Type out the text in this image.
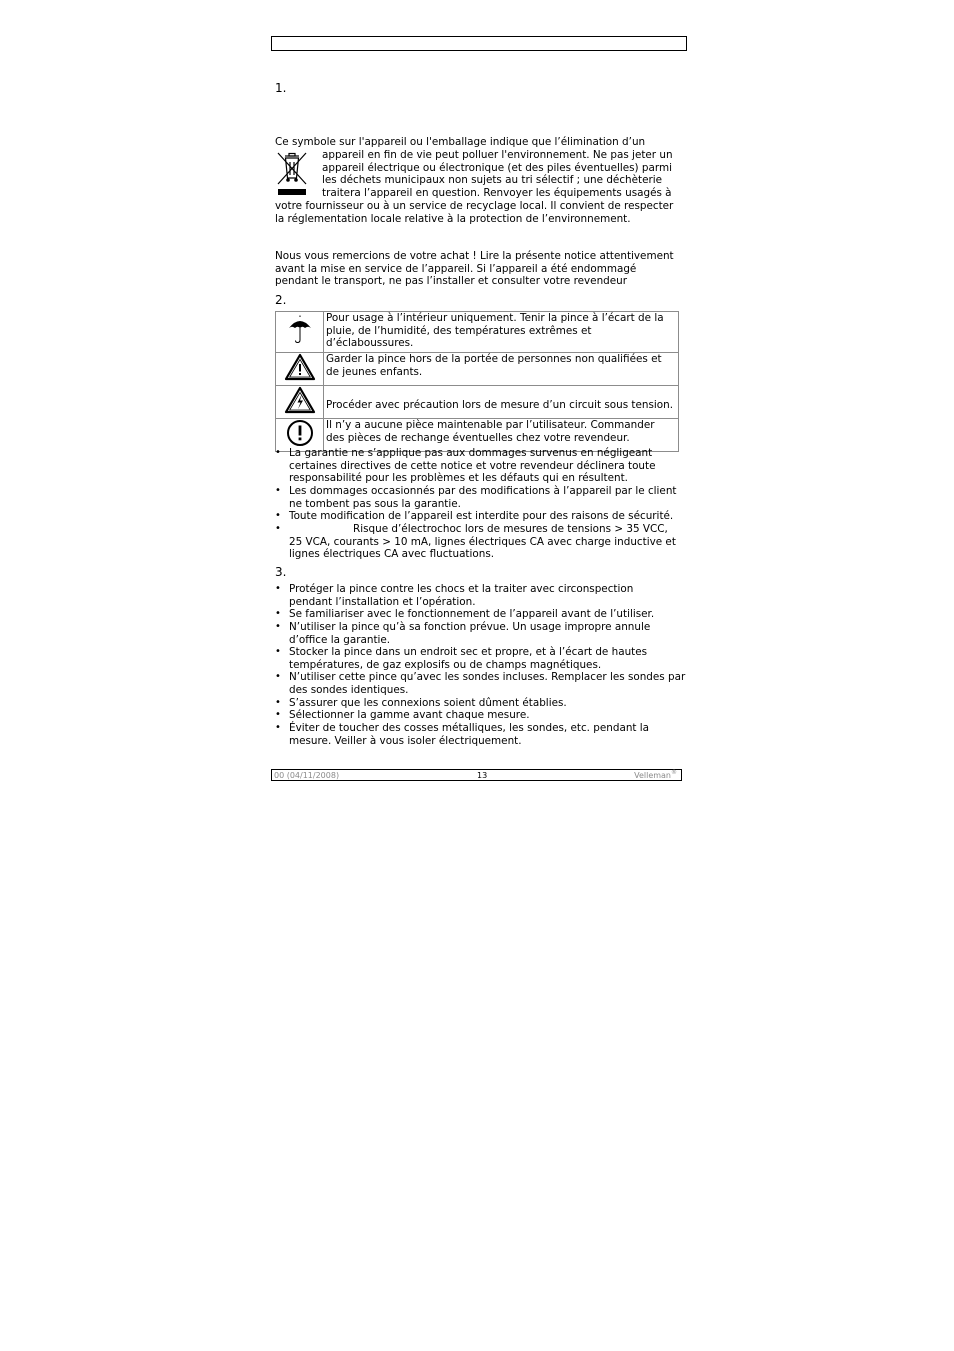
1.
Ce symbole sur l'appareil ou l'emballage indique que l’élimination d’un
appareil en fin de vie peut polluer l'environnement. Ne pas jeter un
appareil électrique ou électronique (et des piles éventuelles) parmi
les déchets municipaux non sujets au tri sélectif ; une déchèterie
traitera l’appareil en question. Renvoyer les équipements usagés à
votre fournisseur ou à un service de recyclage local. Il convient de respecter
la réglementation locale relative à la protection de l’environnement.
Nous vous remercions de votre achat ! Lire la présente notice attentivement
avant la mise en service de l’appareil. Si l’appareil a été endommagé
pendant le transport, ne pas l’installer et consulter votre revendeur
2.

Pour usage à l’intérieur uniquement. Tenir la pince à l’écart de la
pluie, de l’humidité, des températures extrêmes et
d’éclaboussures.

Garder la pince hors de la portée de personnes non qualifiées et
de jeunes enfants.

Procéder avec précaution lors de mesure d’un circuit sous tension.

Il n’y a aucune pièce maintenable par l’utilisateur. Commander
des pièces de rechange éventuelles chez votre revendeur.
• La garantie ne s’applique pas aux dommages survenus en négligeant
certaines directives de cette notice et votre revendeur déclinera toute
responsabilité pour les problèmes et les défauts qui en résultent.
• Les dommages occasionnés par des modifications à l’appareil par le client
ne tombent pas sous la garantie.
• Toute modification de l’appareil est interdite pour des raisons de sécurité.
•	Risque d’électrochoc lors de mesures de tensions > 35 VCC,
25 VCA, courants > 10 mA, lignes électriques CA avec charge inductive et
lignes électriques CA avec fluctuations.
3.
• Protéger la pince contre les chocs et la traiter avec circonspection
pendant l’installation et l’opération.
• Se familiariser avec le fonctionnement de l’appareil avant de l’utiliser.
• N’utiliser la pince qu’à sa fonction prévue. Un usage impropre annule
d’office la garantie.
• Stocker la pince dans un endroit sec et propre, et à l’écart de hautes
températures, de gaz explosifs ou de champs magnétiques.
• N’utiliser cette pince qu’avec les sondes incluses. Remplacer les sondes par
des sondes identiques.
• S’assurer que les connexions soient dûment établies.
• Sélectionner la gamme avant chaque mesure.
• Éviter de toucher des cosses métalliques, les sondes, etc. pendant la
mesure. Veiller à vous isoler électriquement.
00 (04/11/2008)	13	Velleman ®
